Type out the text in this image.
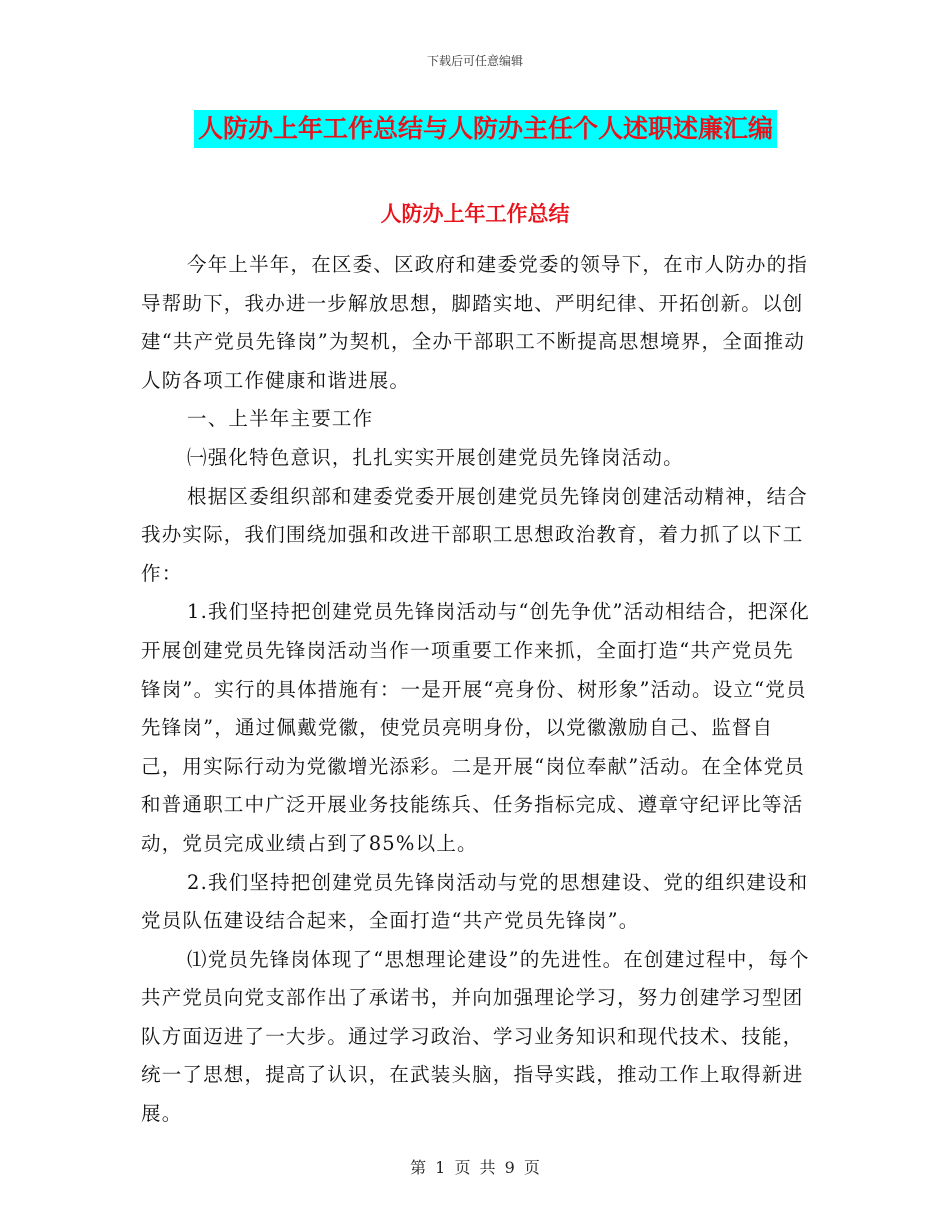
下载后可任意编辑
人防办上年工作总结与人防办主任个人述职述廉汇编
人防办上年工作总结

今年上半年，在区委、区政府和建委党委的领导下，在市人防办的指导帮助下，我办进一步解放思想，脚踏实地、严明纪律、开拓创新。以创建“共产党员先锋岗”为契机，全办干部职工不断提高思想境界，全面推动人防各项工作健康和谐进展。

一、上半年主要工作

㈠强化特色意识，扎扎实实开展创建党员先锋岗活动。

根据区委组织部和建委党委开展创建党员先锋岗创建活动精神，结合我办实际，我们围绕加强和改进干部职工思想政治教育，着力抓了以下工作：

1.我们坚持把创建党员先锋岗活动与“创先争优”活动相结合，把深化开展创建党员先锋岗活动当作一项重要工作来抓，全面打造“共产党员先锋岗”。实行的具体措施有：一是开展“亮身份、树形象”活动。设立“党员先锋岗”，通过佩戴党徽，使党员亮明身份，以党徽激励自己、监督自己，用实际行动为党徽增光添彩。二是开展“岗位奉献”活动。在全体党员和普通职工中广泛开展业务技能练兵、任务指标完成、遵章守纪评比等活动，党员完成业绩占到了85%以上。

2.我们坚持把创建党员先锋岗活动与党的思想建设、党的组织建设和党员队伍建设结合起来，全面打造“共产党员先锋岗”。

⑴党员先锋岗体现了“思想理论建设”的先进性。在创建过程中，每个共产党员向党支部作出了承诺书，并向加强理论学习，努力创建学习型团队方面迈进了一大步。通过学习政治、学习业务知识和现代技术、技能，统一了思想，提高了认识，在武装头脑，指导实践，推动工作上取得新进展。

第 1 页 共 9 页
